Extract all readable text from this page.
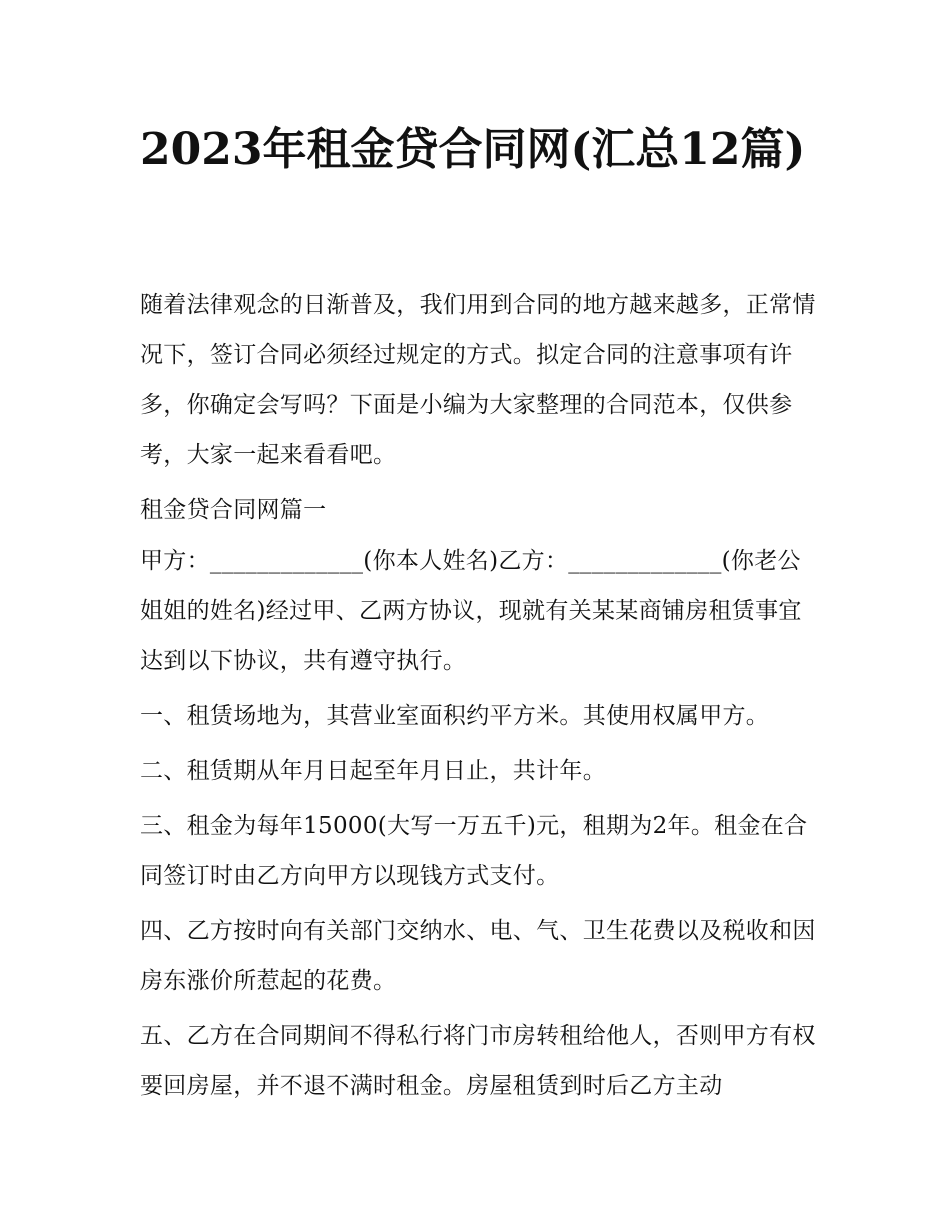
2023年租金贷合同网(汇总12篇)

随着法律观念的日渐普及，我们用到合同的地方越来越多，正常情况下，签订合同必须经过规定的方式。拟定合同的注意事项有许多，你确定会写吗？下面是小编为大家整理的合同范本，仅供参考，大家一起来看看吧。

租金贷合同网篇一

甲方：_____________(你本人姓名)乙方：_____________(你老公姐姐的姓名)经过甲、乙两方协议，现就有关某某商铺房租赁事宜达到以下协议，共有遵守执行。

一、租赁场地为，其营业室面积约平方米。其使用权属甲方。

二、租赁期从年月日起至年月日止，共计年。

三、租金为每年15000(大写一万五千)元，租期为2年。租金在合同签订时由乙方向甲方以现钱方式支付。

四、乙方按时向有关部门交纳水、电、气、卫生花费以及税收和因房东涨价所惹起的花费。

五、乙方在合同期间不得私行将门市房转租给他人，否则甲方有权要回房屋，并不退不满时租金。房屋租赁到时后乙方主动
